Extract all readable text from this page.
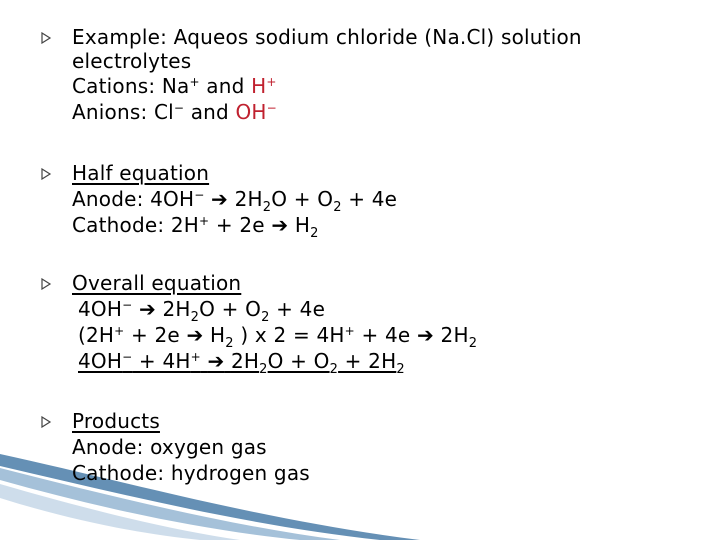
Example: Aqueos sodium chloride (Na.Cl) solution
electrolytes
Cations: Na+ and H+
Anions: Cl− and OH−
Half equation
Anode: 4OH− ➔ $2H_2O + O_2 + 4e$
Cathode: 2H+ + 2e ➔ $H_2$
Overall equation
4OH− ➔ $2H_2O + O_2 + 4e$
(2H+ + 2e ➔ $H_2$ ) x 2 = 4H+ + 4e ➔ $2H_2$
4OH− + 4H+ ➔ $2H_2O + O_2 + 2H_2$
Products
Anode: oxygen gas
Cathode: hydrogen gas
